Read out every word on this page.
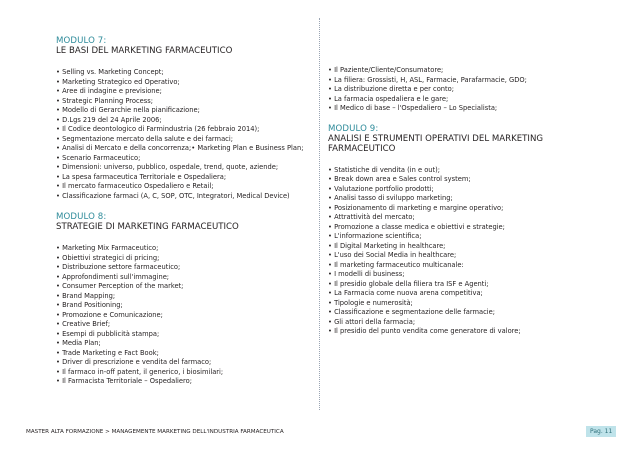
MODULO 7:

LE BASI DEL MARKETING FARMACEUTICO
• Selling vs. Marketing Concept;
• Marketing Strategico ed Operativo;
• Aree di indagine e previsione;
• Strategic Planning Process;
• Modello di Gerarchie nella pianificazione;
• D.Lgs 219 del 24 Aprile 2006;
• Il Codice deontologico di Farmindustria (26 febbraio 2014);
• Segmentazione mercato della salute e dei farmaci;
• Analisi di Mercato e della concorrenza;• Marketing Plan e Business Plan;
• Scenario Farmaceutico;
• Dimensioni: universo, pubblico, ospedale, trend, quote, aziende;
• La spesa farmaceutica Territoriale e Ospedaliera;
• Il mercato farmaceutico Ospedaliero e Retail;
• Classificazione farmaci (A, C, SOP, OTC, Integratori, Medical Device)

MODULO 8:

STRATEGIE DI MARKETING FARMACEUTICO
• Marketing Mix Farmaceutico;
• Obiettivi strategici di pricing;
• Distribuzione settore farmaceutico;
• Approfondimenti sull'immagine;
• Consumer Perception of the market;
• Brand Mapping;
• Brand Positioning;
• Promozione e Comunicazione;
• Creative Brief;
• Esempi di pubblicità stampa;
• Media Plan;
• Trade Marketing e Fact Book;
• Driver di prescrizione e vendita del farmaco;
• Il farmaco in-off patent, il generico, i biosimilari;
• Il Farmacista Territoriale – Ospedaliero;
• Il Paziente/Cliente/Consumatore;
• La filiera: Grossisti, H, ASL, Farmacie, Parafarmacie, GDO;
• La distribuzione diretta e per conto;
• La farmacia ospedaliera e le gare;
• Il Medico di base – l'Ospedaliero – Lo Specialista;

MODULO 9:

ANALISI E STRUMENTI OPERATIVI DEL MARKETING FARMACEUTICO
• Statistiche di vendita (in e out);
• Break down area e Sales control system;
• Valutazione portfolio prodotti;
• Analisi tasso di sviluppo marketing;
• Posizionamento di marketing e margine operativo;
• Attrattività del mercato;
• Promozione a classe medica e obiettivi e strategie;
• L'informazione scientifica;
• Il Digital Marketing in healthcare;
• L'uso dei Social Media in healthcare;
• Il marketing farmaceutico multicanale:
• I modelli di business;
• Il presidio globale della filiera tra ISF e Agenti;
• La Farmacia come nuova arena competitiva;
• Tipologie e numerosità;
• Classificazione e segmentazione delle farmacie;
• Gli attori della farmacia;
• Il presidio del punto vendita come generatore di valore;
MASTER ALTA FORMAZIONE > MANAGEMENTE MARKETING DELL'INDUSTRIA FARMACEUTICA	Pag. 11
